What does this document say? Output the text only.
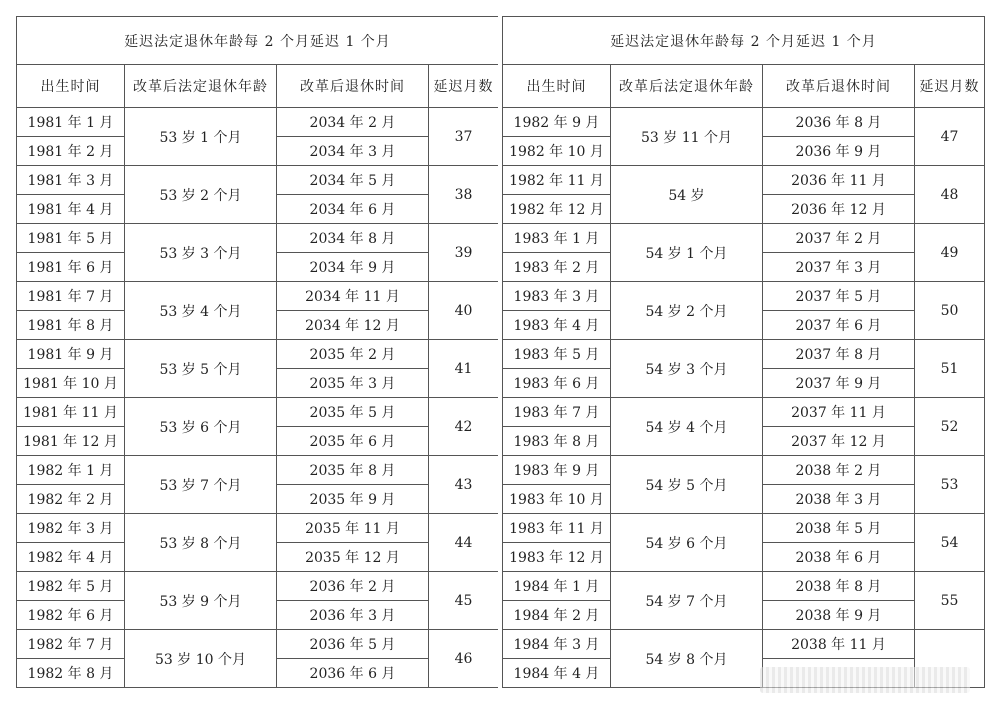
延迟法定退休年龄每 2 个月延迟 1 个月			
出生时间	改革后法定退休年龄	改革后退休时间	延迟月数
1981 年 1 月	53 岁 1 个月	2034 年 2 月	37
1981 年 2 月		2034 年 3 月	
1981 年 3 月	53 岁 2 个月	2034 年 5 月	38
1981 年 4 月		2034 年 6 月	
1981 年 5 月	53 岁 3 个月	2034 年 8 月	39
1981 年 6 月		2034 年 9 月	
1981 年 7 月	53 岁 4 个月	2034 年 11 月	40
1981 年 8 月		2034 年 12 月	
1981 年 9 月	53 岁 5 个月	2035 年 2 月	41
1981 年 10 月		2035 年 3 月	
1981 年 11 月	53 岁 6 个月	2035 年 5 月	42
1981 年 12 月		2035 年 6 月	
1982 年 1 月	53 岁 7 个月	2035 年 8 月	43
1982 年 2 月		2035 年 9 月	
1982 年 3 月	53 岁 8 个月	2035 年 11 月	44
1982 年 4 月		2035 年 12 月	
1982 年 5 月	53 岁 9 个月	2036 年 2 月	45
1982 年 6 月		2036 年 3 月	
1982 年 7 月	53 岁 10 个月	2036 年 5 月	46
1982 年 8 月		2036 年 6 月	
延迟法定退休年龄每 2 个月延迟 1 个月			
出生时间	改革后法定退休年龄	改革后退休时间	延迟月数
1982 年 9 月	53 岁 11 个月	2036 年 8 月	47
1982 年 10 月		2036 年 9 月	
1982 年 11 月	54 岁	2036 年 11 月	48
1982 年 12 月		2036 年 12 月	
1983 年 1 月	54 岁 1 个月	2037 年 2 月	49
1983 年 2 月		2037 年 3 月	
1983 年 3 月	54 岁 2 个月	2037 年 5 月	50
1983 年 4 月		2037 年 6 月	
1983 年 5 月	54 岁 3 个月	2037 年 8 月	51
1983 年 6 月		2037 年 9 月	
1983 年 7 月	54 岁 4 个月	2037 年 11 月	52
1983 年 8 月		2037 年 12 月	
1983 年 9 月	54 岁 5 个月	2038 年 2 月	53
1983 年 10 月		2038 年 3 月	
1983 年 11 月	54 岁 6 个月	2038 年 5 月	54
1983 年 12 月		2038 年 6 月	
1984 年 1 月	54 岁 7 个月	2038 年 8 月	55
1984 年 2 月		2038 年 9 月	
1984 年 3 月	54 岁 8 个月	2038 年 11 月	
1984 年 4 月			
